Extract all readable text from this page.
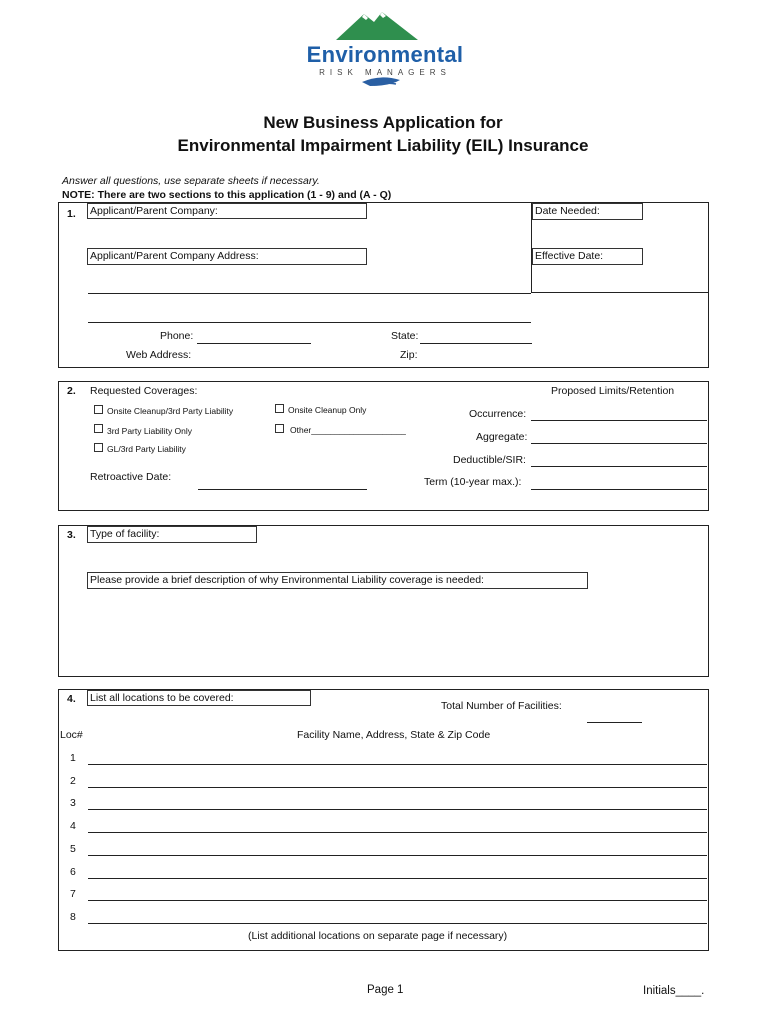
Environmental
RISK MANAGERS
New Business Application for
Environmental Impairment Liability (EIL) Insurance
Answer all questions, use separate sheets if necessary.
NOTE: There are two sections to this application (1 - 9) and (A - Q)
1. Applicant/Parent Company:	Date Needed:
Applicant/Parent Company Address:	Effective Date:
Phone:	State:
Web Address:	Zip:
2. Requested Coverages:	Proposed Limits/Retention
Onsite Cleanup/3rd Party Liability	Onsite Cleanup Only
3rd Party Liability Only	Other____________________
GL/3rd Party Liability
Occurrence:
Aggregate:
Deductible/SIR:
Retroactive Date:	Term (10-year max.):
3. Type of facility:
Please provide a brief description of why Environmental Liability coverage is needed:
4. List all locations to be covered:
Total Number of Facilities:
Loc#	Facility Name, Address, State & Zip Code
1
2
3
4
5
6
7
8
(List additional locations on separate page if necessary)
Page 1	Initials____.
